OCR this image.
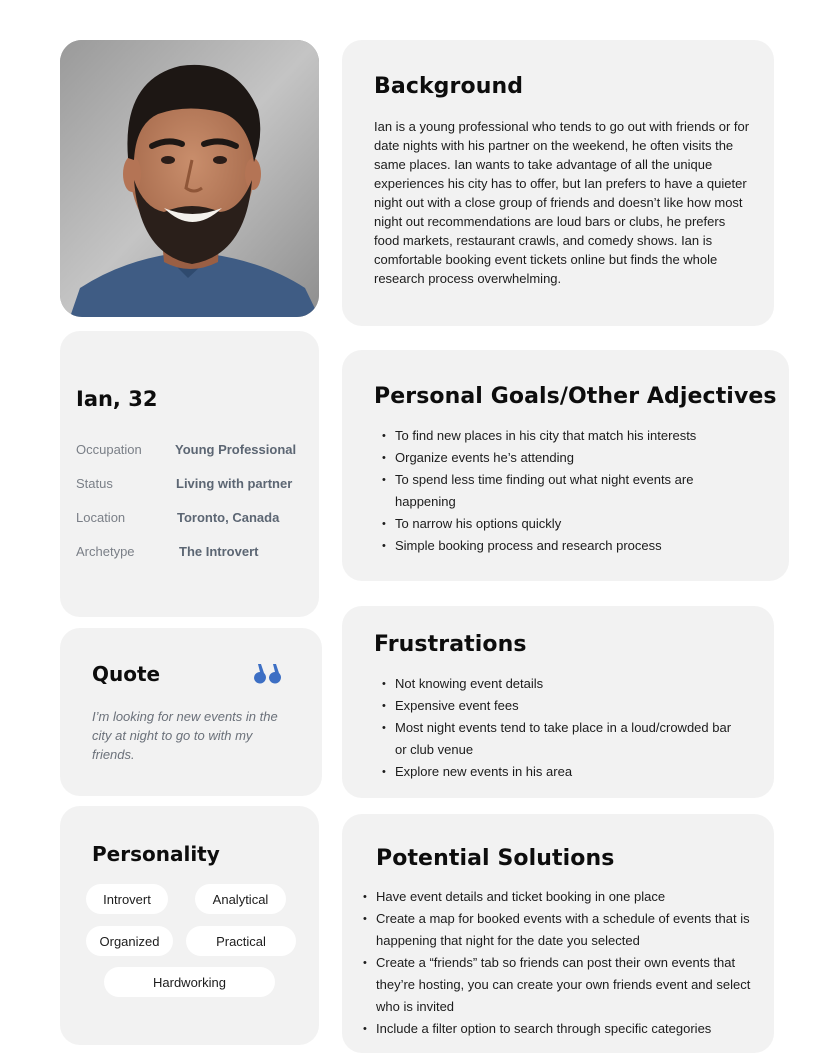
Background

Ian is a young professional who tends to go out with friends or for date nights with his partner on the weekend, he often visits the same places. Ian wants to take advantage of all the unique experiences his city has to offer, but Ian prefers to have a quieter night out with a close group of friends and doesn’t like how most night out recommendations are loud bars or clubs, he prefers food markets, restaurant crawls, and comedy shows. Ian is comfortable booking event tickets online but finds the whole research process overwhelming.

Ian, 32
Occupation	Young Professional
Status	Living with partner
Location	Toronto, Canada
Archetype	The Introvert
Personal Goals/Other Adjectives
• To find new places in his city that match his interests
• Organize events he’s attending
• To spend less time finding out what night events are happening
• To narrow his options quickly
• Simple booking process and research process
Quote

I’m looking for new events in the city at night to go to with my friends.

Frustrations
• Not knowing event details
• Expensive event fees
• Most night events tend to take place in a loud/crowded bar or club venue
• Explore new events in his area
Personality
Introvert	Analytical
Organized	Practical
Hardworking
Potential Solutions
• Have event details and ticket booking in one place
• Create a map for booked events with a schedule of events that is happening that night for the date you selected
• Create a “friends” tab so friends can post their own events that they’re hosting, you can create your own friends event and select who is invited
• Include a filter option to search through specific categories
